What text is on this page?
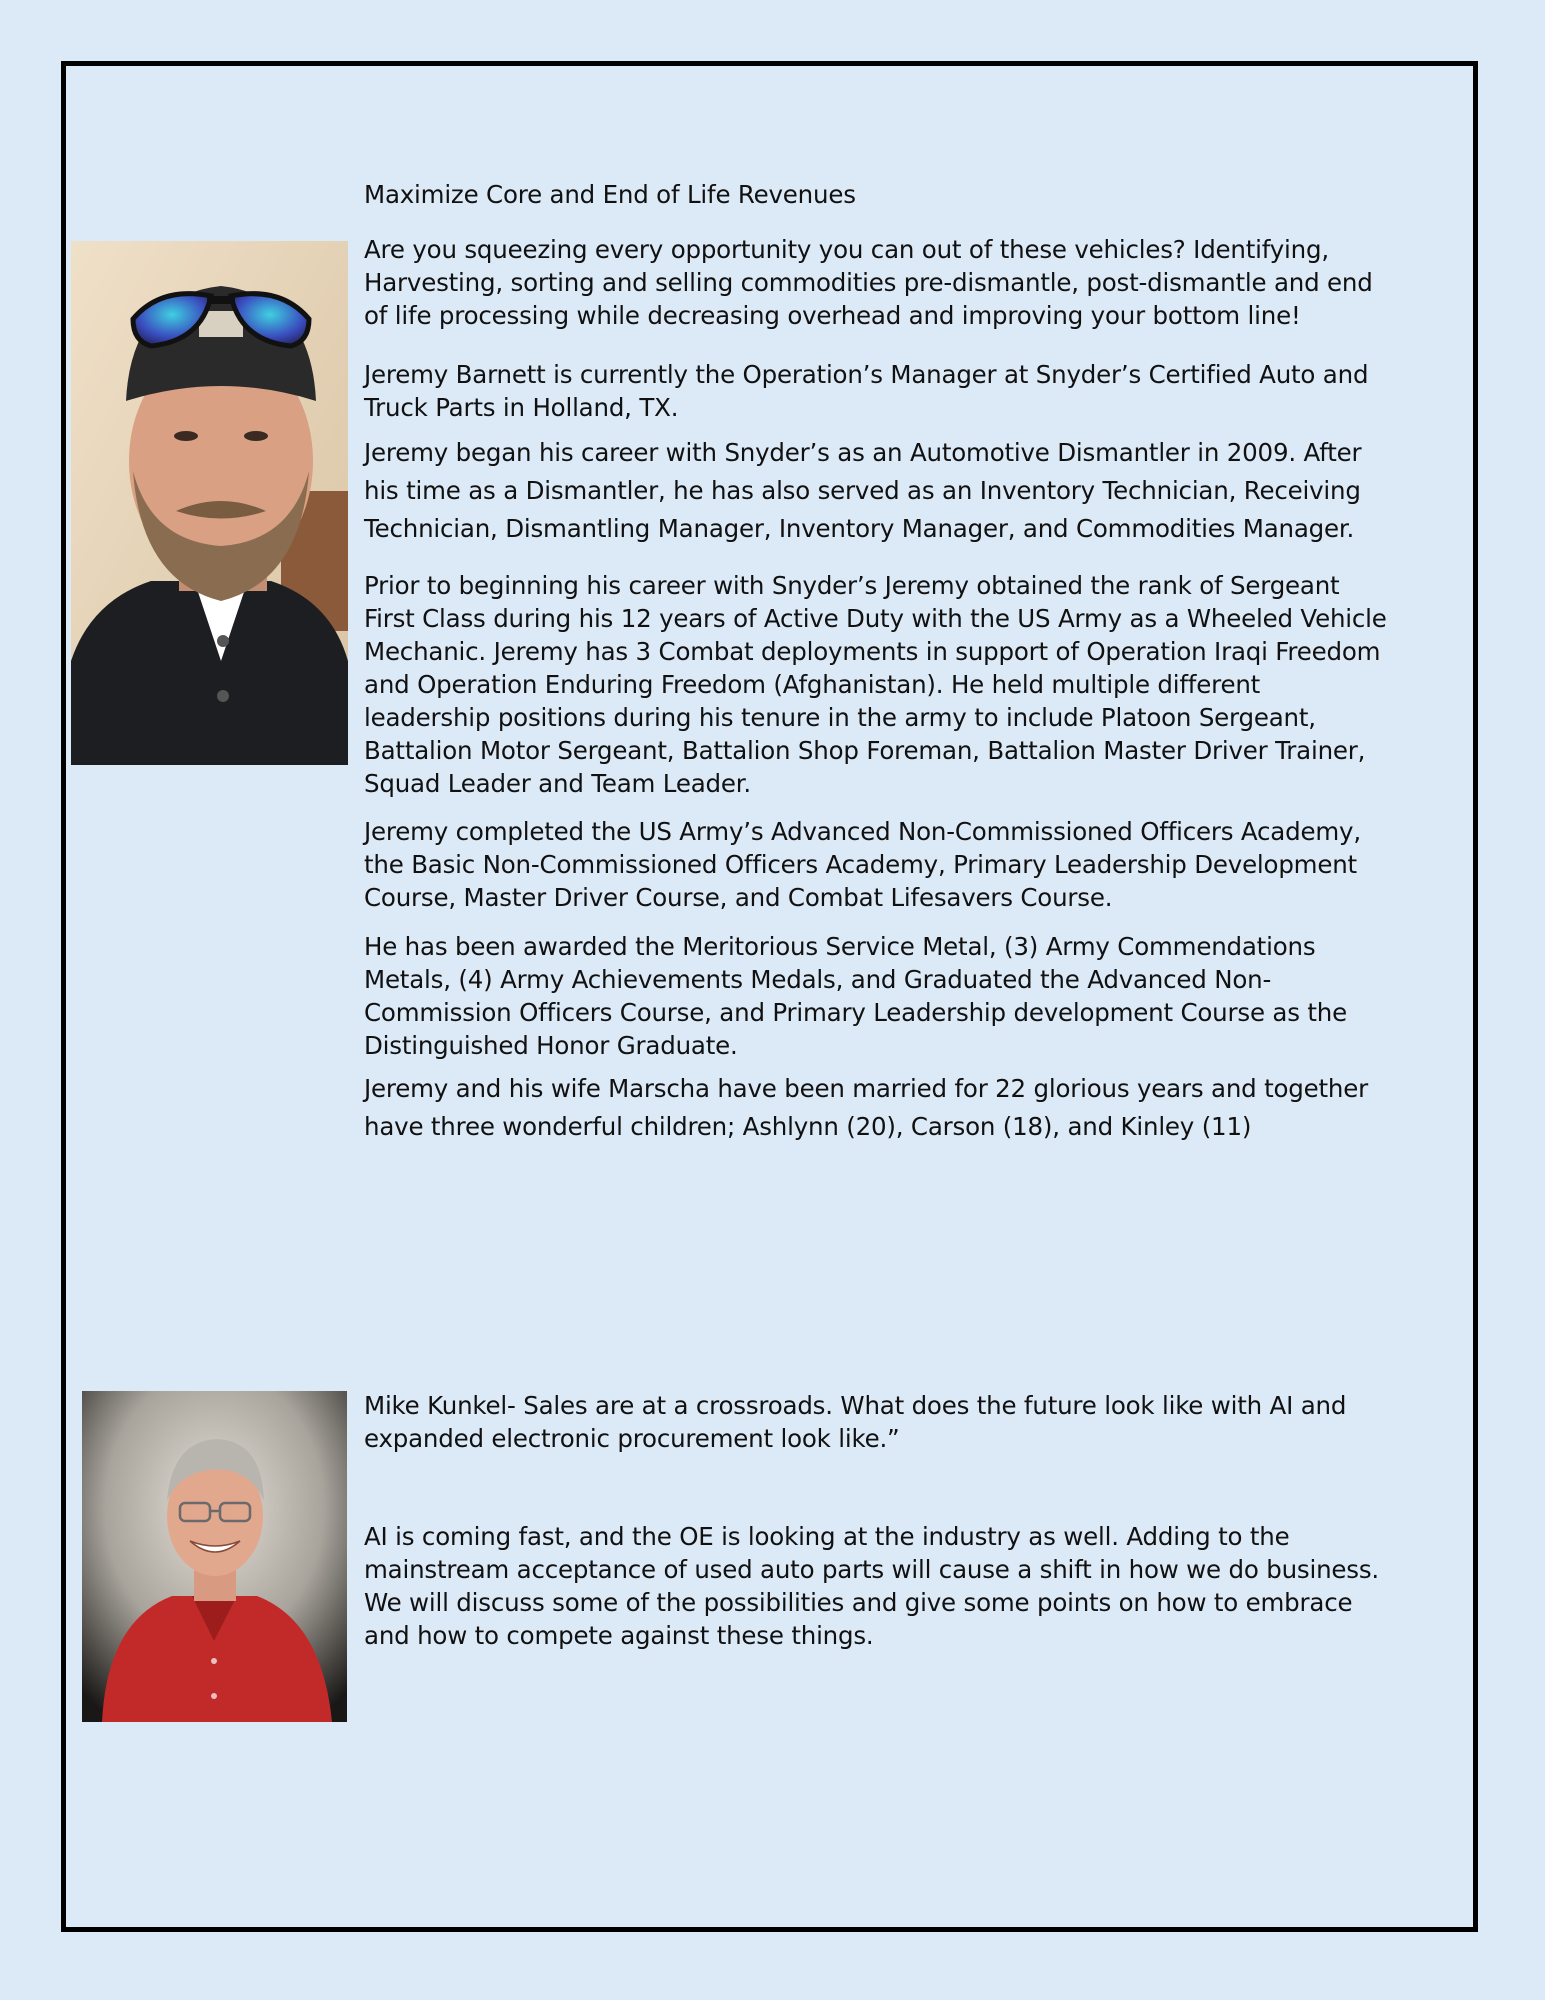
Maximize Core and End of Life Revenues

Are you squeezing every opportunity you can out of these vehicles? Identifying, Harvesting, sorting and selling commodities pre-dismantle, post-dismantle and end of life processing while decreasing overhead and improving your bottom line!

Jeremy Barnett is currently the Operation’s Manager at Snyder’s Certified Auto and Truck Parts in Holland, TX.

Jeremy began his career with Snyder’s as an Automotive Dismantler in 2009. After his time as a Dismantler, he has also served as an Inventory Technician, Receiving Technician, Dismantling Manager, Inventory Manager, and Commodities Manager.

Prior to beginning his career with Snyder’s Jeremy obtained the rank of Sergeant First Class during his 12 years of Active Duty with the US Army as a Wheeled Vehicle Mechanic. Jeremy has 3 Combat deployments in support of Operation Iraqi Freedom and Operation Enduring Freedom (Afghanistan). He held multiple different leadership positions during his tenure in the army to include Platoon Sergeant, Battalion Motor Sergeant, Battalion Shop Foreman, Battalion Master Driver Trainer, Squad Leader and Team Leader.

Jeremy completed the US Army’s Advanced Non-Commissioned Officers Academy, the Basic Non-Commissioned Officers Academy, Primary Leadership Development Course, Master Driver Course, and Combat Lifesavers Course.

He has been awarded the Meritorious Service Metal, (3) Army Commendations Metals, (4) Army Achievements Medals, and Graduated the Advanced Non-Commission Officers Course, and Primary Leadership development Course as the Distinguished Honor Graduate.

Jeremy and his wife Marscha have been married for 22 glorious years and together have three wonderful children; Ashlynn (20), Carson (18), and Kinley (11)

Mike Kunkel- Sales are at a crossroads. What does the future look like with AI and expanded electronic procurement look like.”

AI is coming fast, and the OE is looking at the industry as well. Adding to the mainstream acceptance of used auto parts will cause a shift in how we do business. We will discuss some of the possibilities and give some points on how to embrace and how to compete against these things.
